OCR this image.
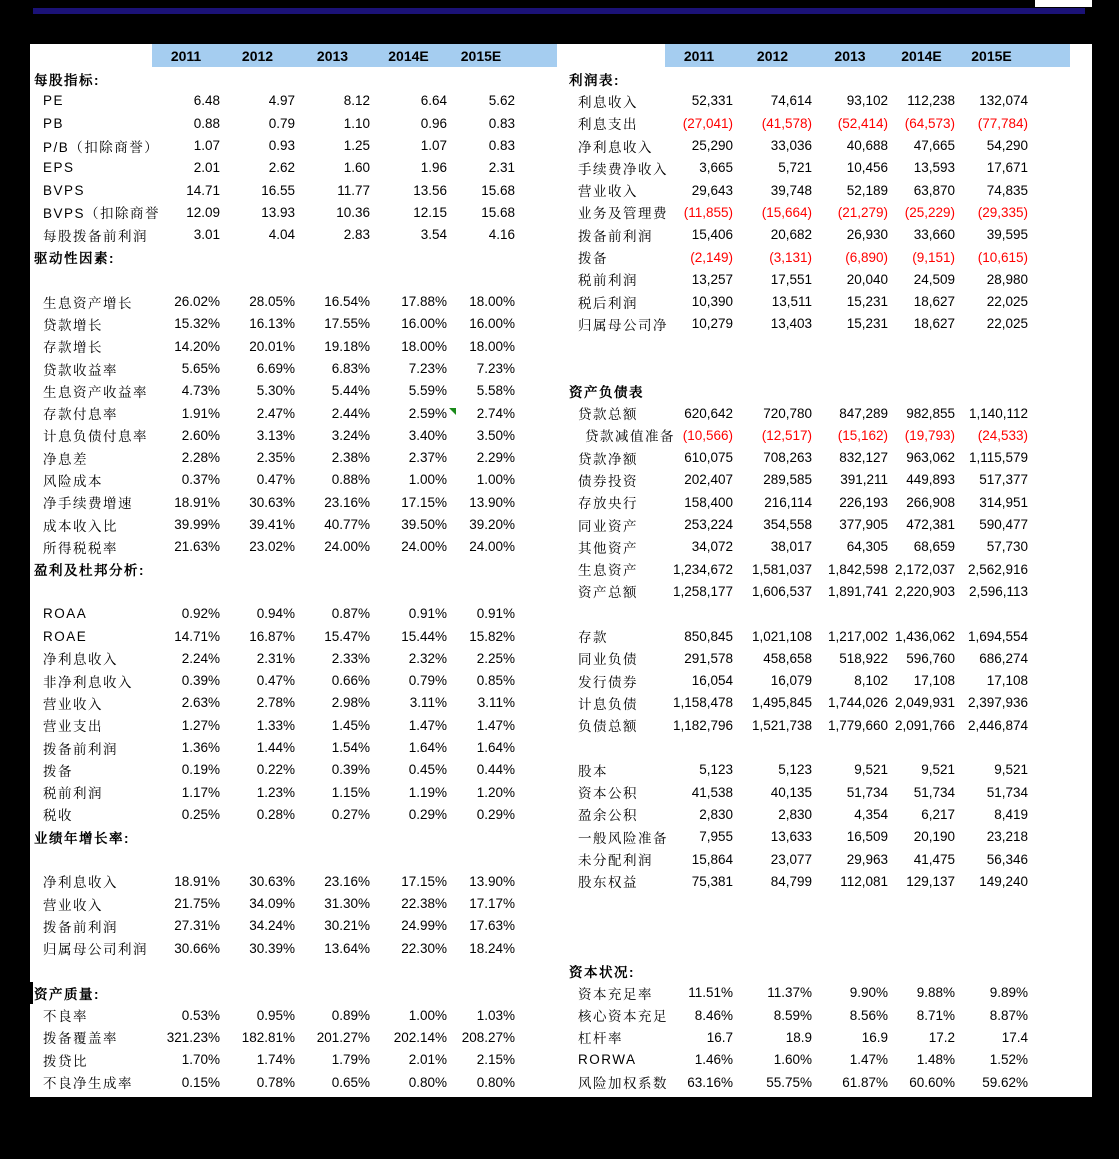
2011	2012	2013	2014E	2015E
每股指标:
PE	6.48	4.97	8.12	6.64	5.62
PB	0.88	0.79	1.10	0.96	0.83
P/B（扣除商誉）	1.07	0.93	1.25	1.07	0.83
EPS	2.01	2.62	1.60	1.96	2.31
BVPS	14.71	16.55	11.77	13.56	15.68
BVPS（扣除商誉	12.09	13.93	10.36	12.15	15.68
每股拨备前利润	3.01	4.04	2.83	3.54	4.16
驱动性因素:
生息资产增长	26.02%	28.05%	16.54%	17.88%	18.00%
贷款增长	15.32%	16.13%	17.55%	16.00%	16.00%
存款增长	14.20%	20.01%	19.18%	18.00%	18.00%
贷款收益率	5.65%	6.69%	6.83%	7.23%	7.23%
生息资产收益率	4.73%	5.30%	5.44%	5.59%	5.58%
存款付息率	1.91%	2.47%	2.44%	2.59%	2.74%
计息负债付息率	2.60%	3.13%	3.24%	3.40%	3.50%
净息差	2.28%	2.35%	2.38%	2.37%	2.29%
风险成本	0.37%	0.47%	0.88%	1.00%	1.00%
净手续费增速	18.91%	30.63%	23.16%	17.15%	13.90%
成本收入比	39.99%	39.41%	40.77%	39.50%	39.20%
所得税税率	21.63%	23.02%	24.00%	24.00%	24.00%
盈利及杜邦分析:
ROAA	0.92%	0.94%	0.87%	0.91%	0.91%
ROAE	14.71%	16.87%	15.47%	15.44%	15.82%
净利息收入	2.24%	2.31%	2.33%	2.32%	2.25%
非净利息收入	0.39%	0.47%	0.66%	0.79%	0.85%
营业收入	2.63%	2.78%	2.98%	3.11%	3.11%
营业支出	1.27%	1.33%	1.45%	1.47%	1.47%
拨备前利润	1.36%	1.44%	1.54%	1.64%	1.64%
拨备	0.19%	0.22%	0.39%	0.45%	0.44%
税前利润	1.17%	1.23%	1.15%	1.19%	1.20%
税收	0.25%	0.28%	0.27%	0.29%	0.29%
业绩年增长率:
净利息收入	18.91%	30.63%	23.16%	17.15%	13.90%
营业收入	21.75%	34.09%	31.30%	22.38%	17.17%
拨备前利润	27.31%	34.24%	30.21%	24.99%	17.63%
归属母公司利润	30.66%	30.39%	13.64%	22.30%	18.24%
资产质量:
不良率	0.53%	0.95%	0.89%	1.00%	1.03%
拨备覆盖率	321.23%	182.81%	201.27%	202.14%	208.27%
拨贷比	1.70%	1.74%	1.79%	2.01%	2.15%
不良净生成率	0.15%	0.78%	0.65%	0.80%	0.80%
2011	2012	2013	2014E	2015E
利润表:
利息收入	52,331	74,614	93,102	112,238	132,074
利息支出	(27,041)	(41,578)	(52,414)	(64,573)	(77,784)
净利息收入	25,290	33,036	40,688	47,665	54,290
手续费净收入	3,665	5,721	10,456	13,593	17,671
营业收入	29,643	39,748	52,189	63,870	74,835
业务及管理费	(11,855)	(15,664)	(21,279)	(25,229)	(29,335)
拨备前利润	15,406	20,682	26,930	33,660	39,595
拨备	(2,149)	(3,131)	(6,890)	(9,151)	(10,615)
税前利润	13,257	17,551	20,040	24,509	28,980
税后利润	10,390	13,511	15,231	18,627	22,025
归属母公司净	10,279	13,403	15,231	18,627	22,025
资产负债表
贷款总额	620,642	720,780	847,289	982,855	1,140,112
贷款减值准备 (10,566)	(12,517)	(15,162)	(19,793)	(24,533)
贷款净额	610,075	708,263	832,127	963,062	1,115,579
债券投资	202,407	289,585	391,211	449,893	517,377
存放央行	158,400	216,114	226,193	266,908	314,951
同业资产	253,224	354,558	377,905	472,381	590,477
其他资产	34,072	38,017	64,305	68,659	57,730
生息资产	1,234,672	1,581,037	1,842,598 2,172,037 2,562,916
资产总额	1,258,177	1,606,537	1,891,741 2,220,903	2,596,113
存款	850,845	1,021,108	1,217,002 1,436,062 1,694,554
同业负债	291,578	458,658	518,922	596,760	686,274
发行债券	16,054	16,079	8,102	17,108	17,108
计息负债	1,158,478	1,495,845	1,744,026 2,049,931 2,397,936
负债总额	1,182,796	1,521,738	1,779,660 2,091,766 2,446,874
股本	5,123	5,123	9,521	9,521	9,521
资本公积	41,538	40,135	51,734	51,734	51,734
盈余公积	2,830	2,830	4,354	6,217	8,419
一般风险准备	7,955	13,633	16,509	20,190	23,218
未分配利润	15,864	23,077	29,963	41,475	56,346
股东权益	75,381	84,799	112,081	129,137	149,240
资本状况:
资本充足率	11.51%	11.37%	9.90%	9.88%	9.89%
核心资本充足	8.46%	8.59%	8.56%	8.71%	8.87%
杠杆率	16.7	18.9	16.9	17.2	17.4
RORWA	1.46%	1.60%	1.47%	1.48%	1.52%
风险加权系数	63.16%	55.75%	61.87%	60.60%	59.62%
